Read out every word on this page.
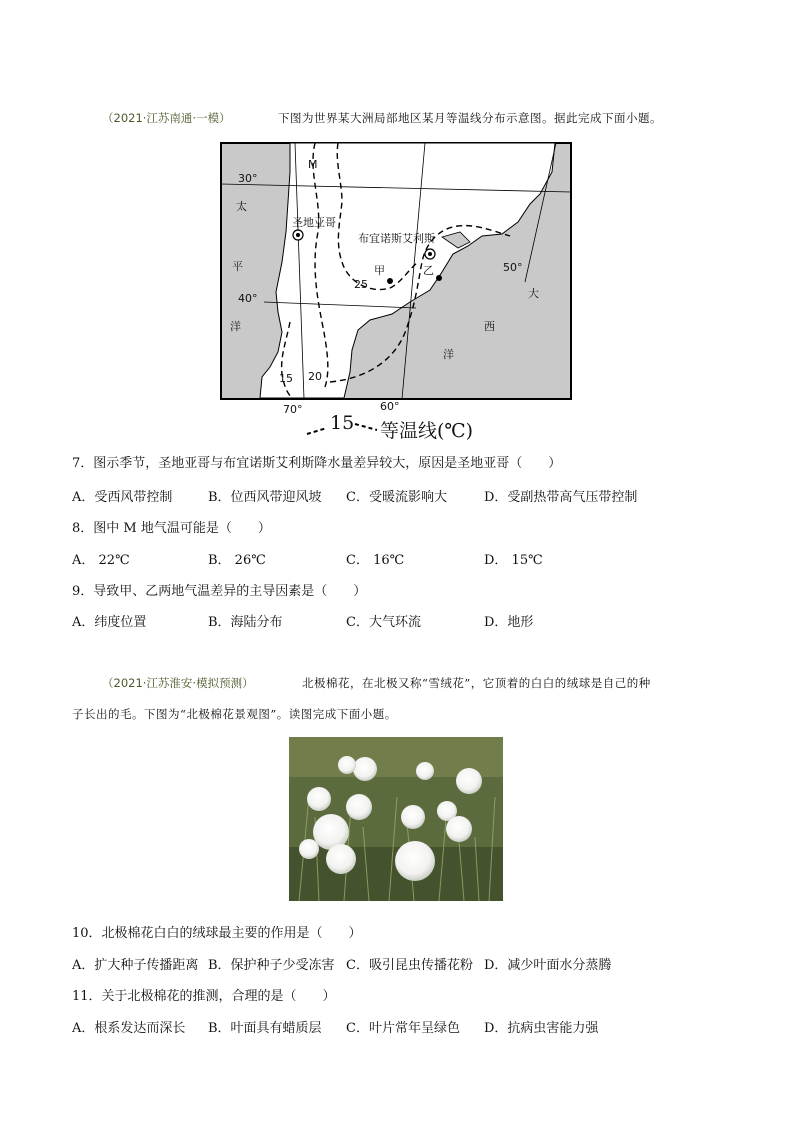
（2021·江苏南通·一模）	下图为世界某大洲局部地区某月等温线分布示意图。据此完成下面小题。
30°
40°
70°	60°
50°
太
平
洋
大
西
洋
圣地亚哥
布宜诺斯艾利斯
甲	乙
M
25
20
15
15 等温线(℃)
7．图示季节，圣地亚哥与布宜诺斯艾利斯降水量差异较大，原因是圣地亚哥（　　）
A．受西风带控制	B．位西风带迎风坡 C．受暖流影响大	D．受副热带高气压带控制
8．图中 M 地气温可能是（　　）
A． 22℃	B． 26℃	C． 16℃	D． 15℃
9．导致甲、乙两地气温差异的主导因素是（　　）
A．纬度位置	B．海陆分布	C．大气环流	D．地形
（2021·江苏淮安·模拟预测）	北极棉花，在北极又称“雪绒花”，它顶着的白白的绒球是自己的种
子长出的毛。下图为“北极棉花景观图”。读图完成下面小题。
10．北极棉花白白的绒球最主要的作用是（　　）
A．扩大种子传播距离 B．保护种子少受冻害 C．吸引昆虫传播花粉 D．减少叶面水分蒸腾
11．关于北极棉花的推测，合理的是（　　）
A．根系发达而深长 B．叶面具有蜡质层 C．叶片常年呈绿色 D．抗病虫害能力强
